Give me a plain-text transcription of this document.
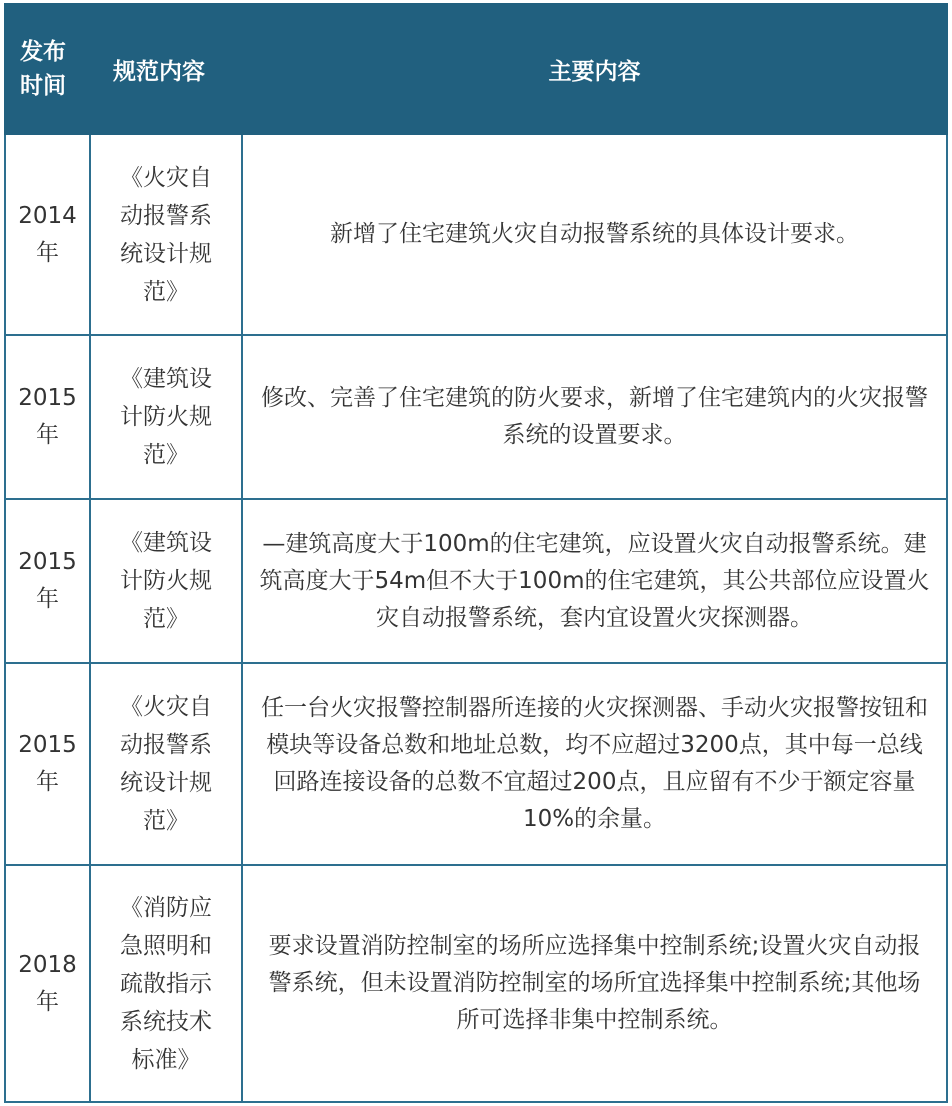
发布
时间	规范内容	主要内容

2014
年	《火灾自动报警系统设计规范》	新增了住宅建筑火灾自动报警系统的具体设计要求。

2015
年	《建筑设计防火规范》	修改、完善了住宅建筑的防火要求，新增了住宅建筑内的火灾报警系统的设置要求。

2015
年	《建筑设计防火规范》	—建筑高度大于100m的住宅建筑，应设置火灾自动报警系统。建筑高度大于54m但不大于100m的住宅建筑，其公共部位应设置火灾自动报警系统，套内宜设置火灾探测器。

2015
年	《火灾自动报警系统设计规范》	任一台火灾报警控制器所连接的火灾探测器、手动火灾报警按钮和模块等设备总数和地址总数，均不应超过3200点，其中每一总线回路连接设备的总数不宜超过200点，且应留有不少于额定容量10%的余量。

2018
年	《消防应急照明和疏散指示系统技术标准》	要求设置消防控制室的场所应选择集中控制系统;设置火灾自动报警系统，但未设置消防控制室的场所宜选择集中控制系统;其他场所可选择非集中控制系统。
